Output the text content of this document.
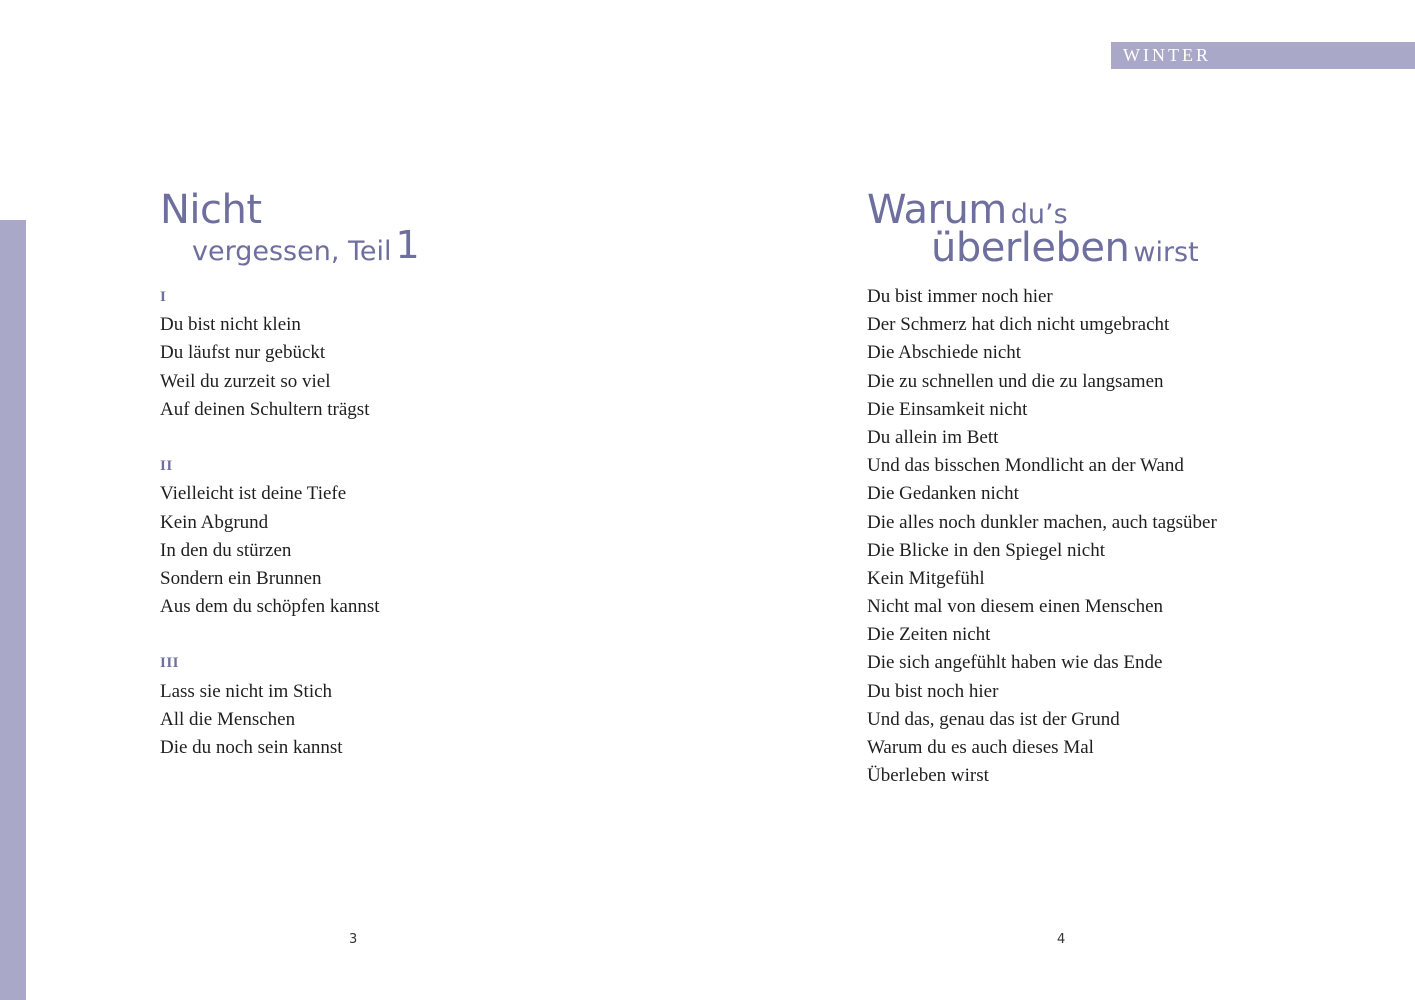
WINTER
Nicht
vergessen, Teil 1
I
Du bist nicht klein
Du läufst nur gebückt
Weil du zurzeit so viel
Auf deinen Schultern trägst
II
Vielleicht ist deine Tiefe
Kein Abgrund
In den du stürzen
Sondern ein Brunnen
Aus dem du schöpfen kannst
III
Lass sie nicht im Stich
All die Menschen
Die du noch sein kannst
3
Warum du’s
überleben wirst
Du bist immer noch hier
Der Schmerz hat dich nicht umgebracht
Die Abschiede nicht
Die zu schnellen und die zu langsamen
Die Einsamkeit nicht
Du allein im Bett
Und das bisschen Mondlicht an der Wand
Die Gedanken nicht
Die alles noch dunkler machen, auch tagsüber
Die Blicke in den Spiegel nicht
Kein Mitgefühl
Nicht mal von diesem einen Menschen
Die Zeiten nicht
Die sich angefühlt haben wie das Ende
Du bist noch hier
Und das, genau das ist der Grund
Warum du es auch dieses Mal
Überleben wirst
4
